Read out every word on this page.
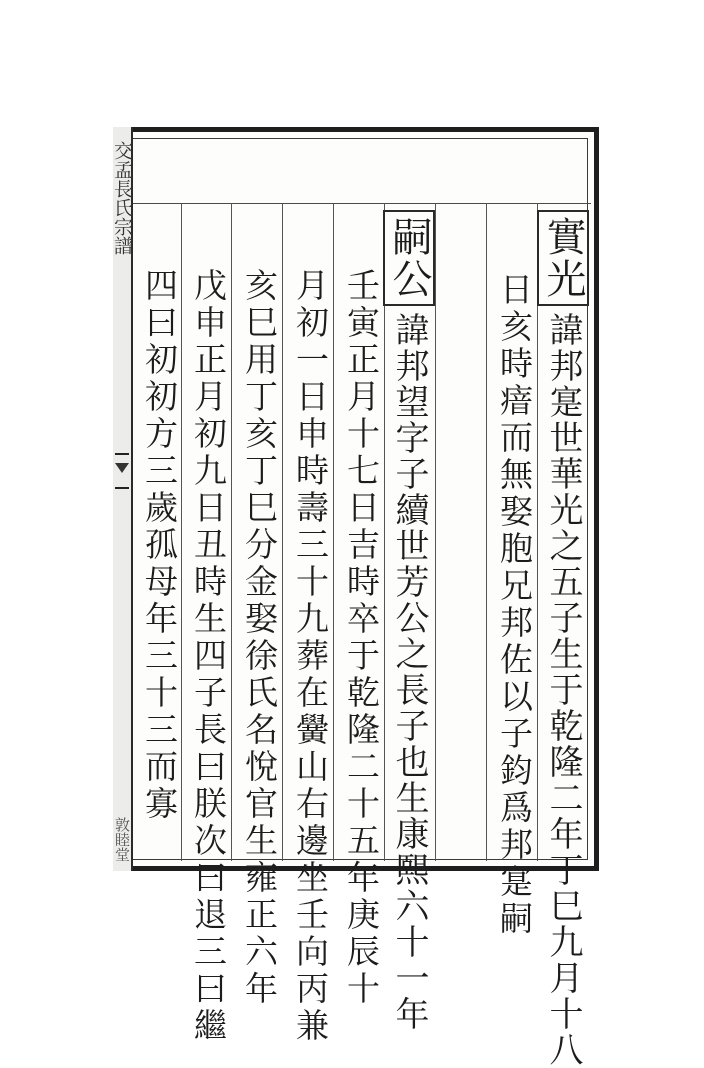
交孟長氏宗譜
敦睦堂
實光諱邦寔世華光之五子生于乾隆二年丁巳九月十八
日亥時瘖而無娶胞兄邦佐以子鈞爲邦寔嗣
嗣公諱邦望字子續世芳公之長子也生康熙六十一年
壬寅正月十七日吉時卒于乾隆二十五年庚辰十
月初一日申時壽三十九葬在黌山右邊坐壬向丙兼
亥巳用丁亥丁巳分金娶徐氏名悅官生雍正六年
戊申正月初九日丑時生四子長曰朕次曰退三曰繼
四曰初初方三歲孤母年三十三而寡
